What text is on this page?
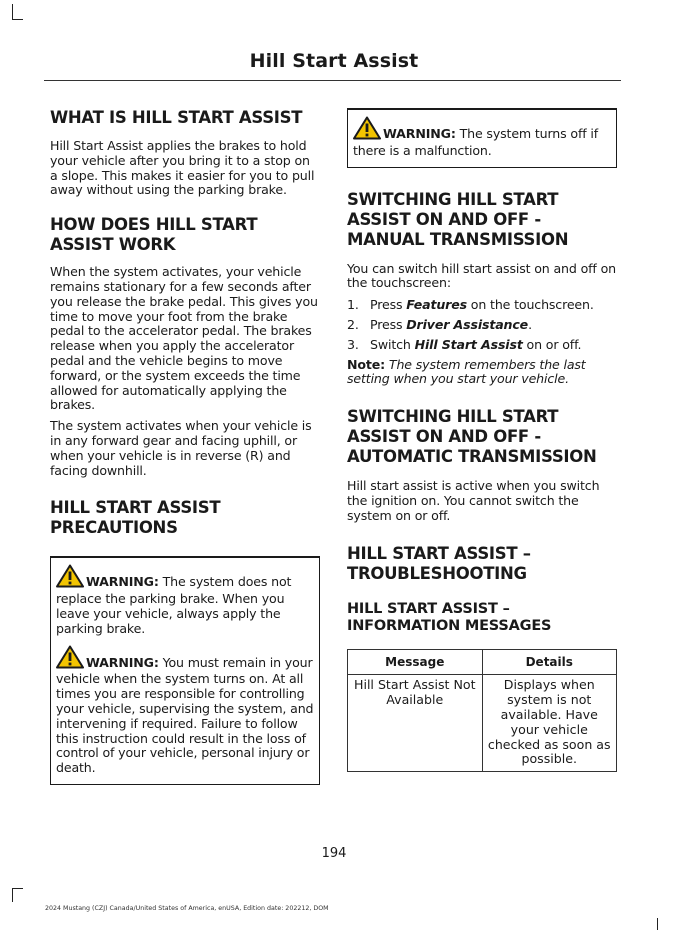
Hill Start Assist
WHAT IS HILL START ASSIST

Hill Start Assist applies the brakes to hold your vehicle after you bring it to a stop on a slope. This makes it easier for you to pull away without using the parking brake.

HOW DOES HILL START ASSIST WORK

When the system activates, your vehicle remains stationary for a few seconds after you release the brake pedal. This gives you time to move your foot from the brake pedal to the accelerator pedal. The brakes release when you apply the accelerator pedal and the vehicle begins to move forward, or the system exceeds the time allowed for automatically applying the brakes.

The system activates when your vehicle is in any forward gear and facing uphill, or when your vehicle is in reverse (R) and facing downhill.

HILL START ASSIST PRECAUTIONS
WARNING: The system does not replace the parking brake. When you leave your vehicle, always apply the parking brake.
WARNING: You must remain in your vehicle when the system turns on. At all times you are responsible for controlling your vehicle, supervising the system, and intervening if required. Failure to follow this instruction could result in the loss of control of your vehicle, personal injury or death.
WARNING: The system turns off if there is a malfunction.
SWITCHING HILL START ASSIST ON AND OFF - MANUAL TRANSMISSION

You can switch hill start assist on and off on the touchscreen:

1. Press Features on the touchscreen.
2. Press Driver Assistance.
3. Switch Hill Start Assist on or off.

Note: The system remembers the last setting when you start your vehicle.

SWITCHING HILL START ASSIST ON AND OFF - AUTOMATIC TRANSMISSION

Hill start assist is active when you switch the ignition on. You cannot switch the system on or off.

HILL START ASSIST – TROUBLESHOOTING
HILL START ASSIST – INFORMATION MESSAGES
Message	Details
Hill Start Assist Not Available	Displays when system is not available. Have your vehicle checked as soon as possible.
194
2024 Mustang (CZJ) Canada/United States of America, enUSA, Edition date: 202212, DOM
